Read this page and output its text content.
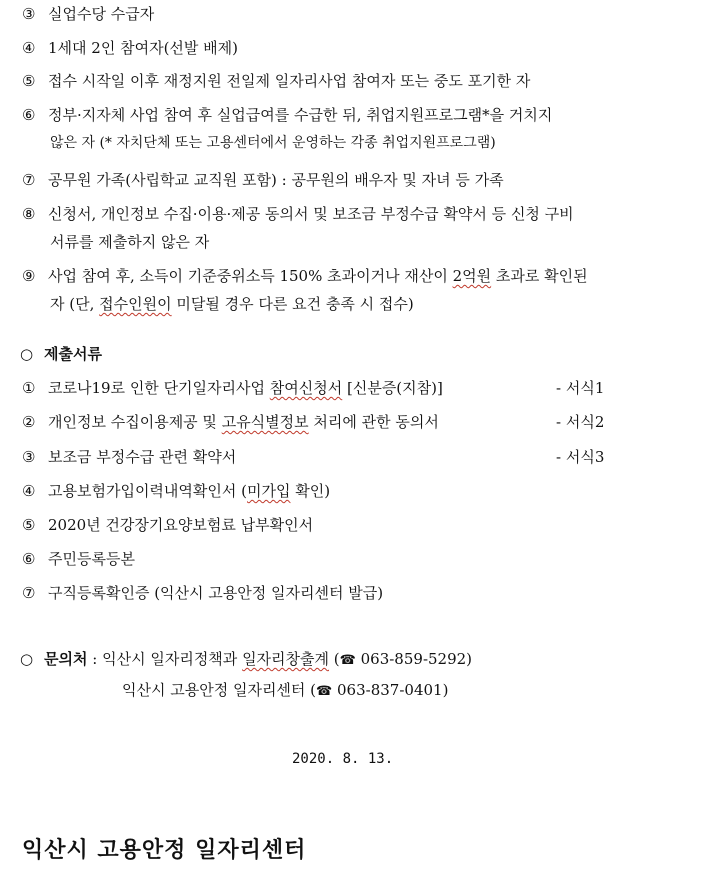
③ 실업수당 수급자
④ 1세대 2인 참여자(선발 배제)
⑤ 접수 시작일 이후 재정지원 전일제 일자리사업 참여자 또는 중도 포기한 자
⑥ 정부·지자체 사업 참여 후 실업급여를 수급한 뒤, 취업지원프로그램*을 거치지
않은 자 (* 자치단체 또는 고용센터에서 운영하는 각종 취업지원프로그램)
⑦ 공무원 가족(사립학교 교직원 포함) : 공무원의 배우자 및 자녀 등 가족
⑧ 신청서, 개인정보 수집·이용·제공 동의서 및 보조금 부정수급 확약서 등 신청 구비
서류를 제출하지 않은 자
⑨ 사업 참여 후, 소득이 기준중위소득 150% 초과이거나 재산이 2억원 초과로 확인된
자 (단, 접수인원이 미달될 경우 다른 요건 충족 시 접수)
○ 제출서류
① 코로나19로 인한 단기일자리사업 참여신청서 [신분증(지참)]	- 서식1
② 개인정보 수집이용제공 및 고유식별정보 처리에 관한 동의서	- 서식2
③ 보조금 부정수급 관련 확약서	- 서식3
④ 고용보험가입이력내역확인서 (미가입 확인)
⑤ 2020년 건강장기요양보험료 납부확인서
⑥ 주민등록등본
⑦ 구직등록확인증 (익산시 고용안정 일자리센터 발급)
○ 문의처 : 익산시 일자리정책과 일자리창출계 (☎ 063-859-5292)
익산시 고용안정 일자리센터 (☎ 063-837-0401)
2020. 8. 13.
익산시 고용안정 일자리센터
